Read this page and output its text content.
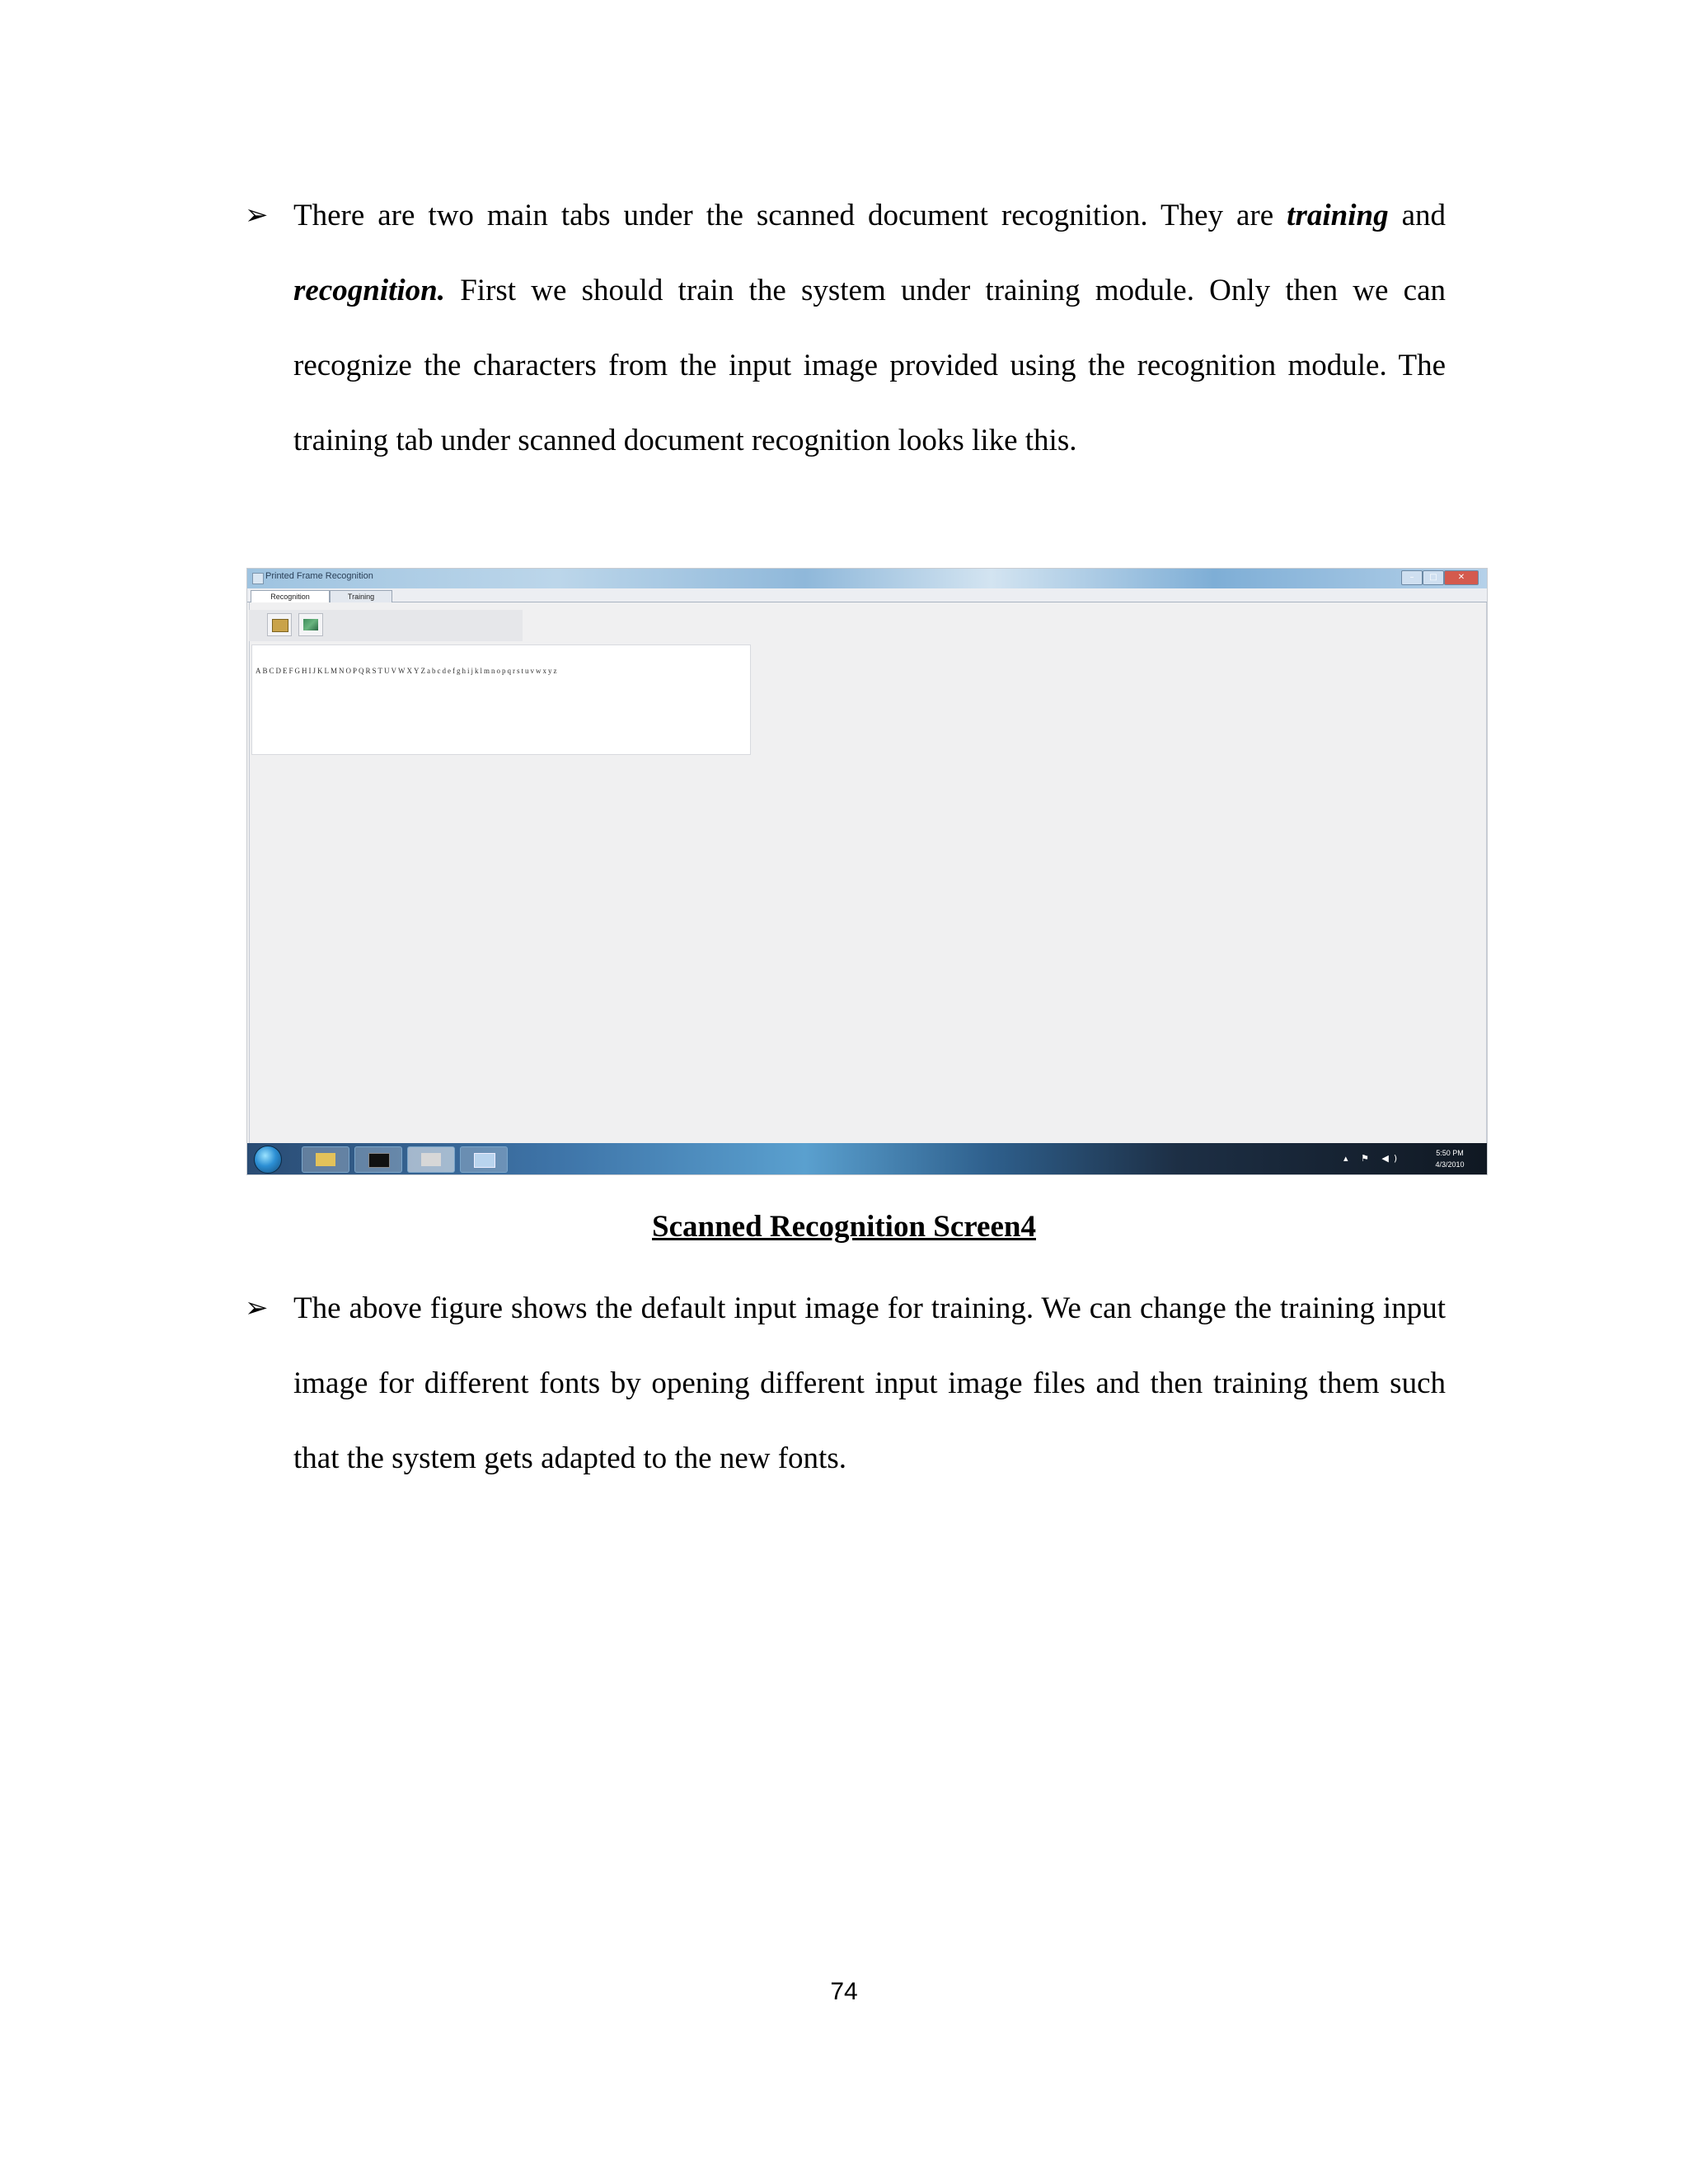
➢ There are two main tabs under the scanned document recognition. They are training and recognition. First we should train the system under training module. Only then we can recognize the characters from the input image provided using the recognition module. The training tab under scanned document recognition looks like this.

Printed Frame Recognition	–	□	✕
Recognition	Training
ABCDEFGHIJKLMNOPQRSTUVWXYZabcdefghijklmnopqrstuvwxyz
▴ ⚑ ◀)	5:50 PM
4/3/2010
Scanned Recognition Screen4
➢ The above figure shows the default input image for training. We can change the training input image for different fonts by opening different input image files and then training them such that the system gets adapted to the new fonts.

74
